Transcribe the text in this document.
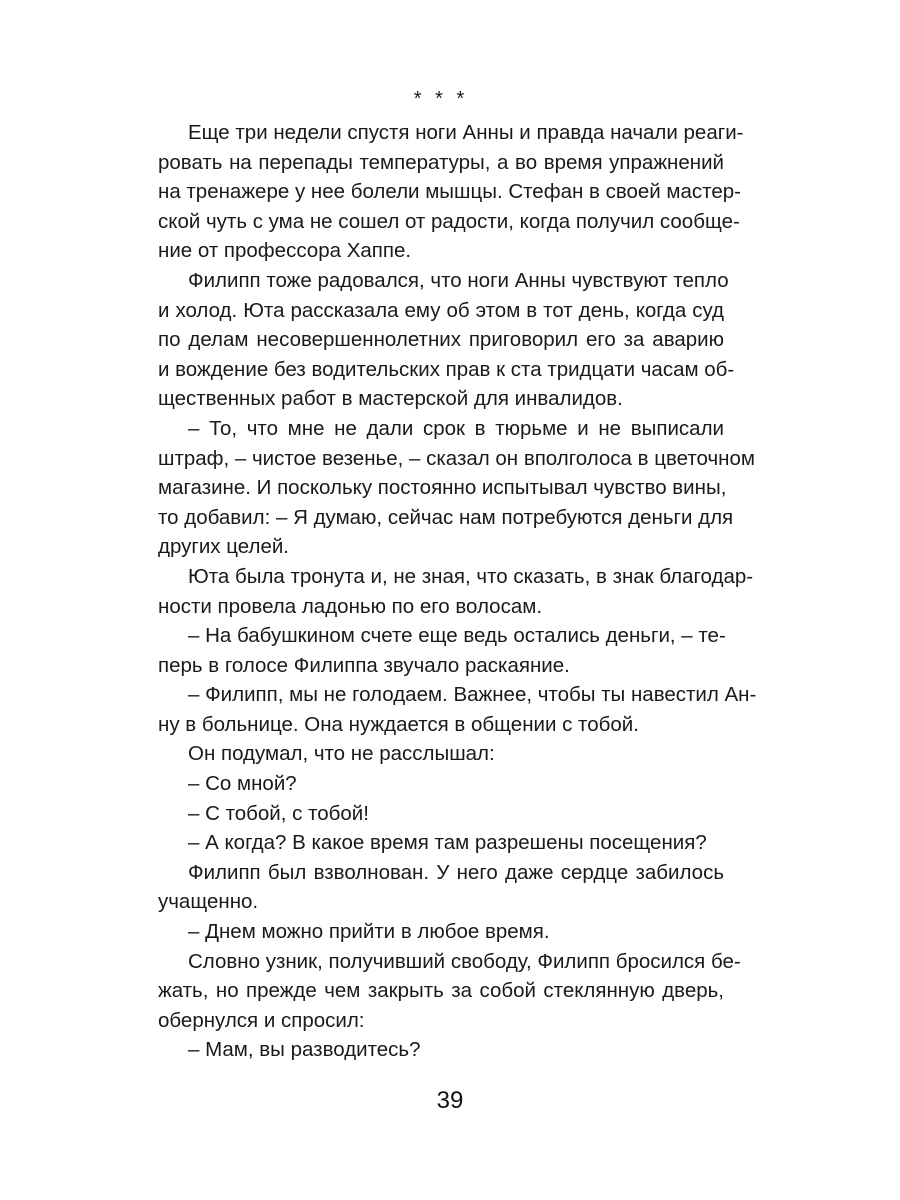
* * *
Еще три недели спустя ноги Анны и правда начали реаги-
ровать на перепады температуры, а во время упражнений
на тренажере у нее болели мышцы. Стефан в своей мастер-
ской чуть с ума не сошел от радости, когда получил сообще-
ние от профессора Хаппе.
Филипп тоже радовался, что ноги Анны чувствуют тепло
и холод. Юта рассказала ему об этом в тот день, когда суд
по делам несовершеннолетних приговорил его за аварию
и вождение без водительских прав к ста тридцати часам об-
щественных работ в мастерской для инвалидов.
– То, что мне не дали срок в тюрьме и не выписали
штраф, – чистое везенье, – сказал он вполголоса в цветочном
магазине. И поскольку постоянно испытывал чувство вины,
то добавил: – Я думаю, сейчас нам потребуются деньги для
других целей.
Юта была тронута и, не зная, что сказать, в знак благодар-
ности провела ладонью по его волосам.
– На бабушкином счете еще ведь остались деньги, – те-
перь в голосе Филиппа звучало раскаяние.
– Филипп, мы не голодаем. Важнее, чтобы ты навестил Ан-
ну в больнице. Она нуждается в общении с тобой.
Он подумал, что не расслышал:
– Со мной?
– С тобой, с тобой!
– А когда? В какое время там разрешены посещения?
Филипп был взволнован. У него даже сердце забилось
учащенно.
– Днем можно прийти в любое время.
Словно узник, получивший свободу, Филипп бросился бе-
жать, но прежде чем закрыть за собой стеклянную дверь,
обернулся и спросил:
– Мам, вы разводитесь?
39
